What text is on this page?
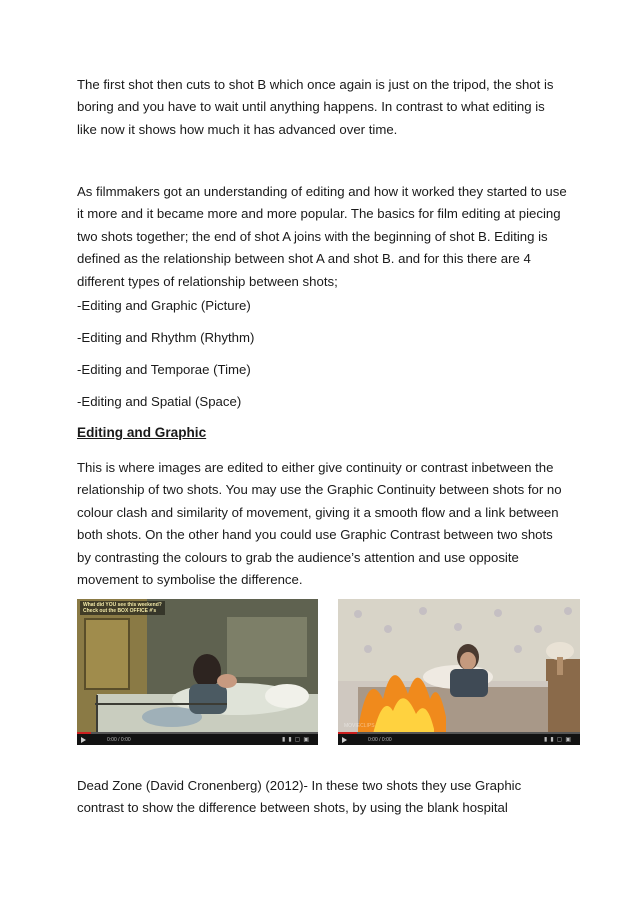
The first shot then cuts to shot B which once again is just on the tripod, the shot is boring and you have to wait until anything happens. In contrast to what editing is like now it shows how much it has advanced over time.

As filmmakers got an understanding of editing and how it worked they started to use it more and it became more and more popular. The basics for film editing at piecing two shots together; the end of shot A joins with the beginning of shot B. Editing is defined as the relationship between shot A and shot B. and for this there are 4 different types of relationship between shots;

-Editing and Graphic (Picture)

-Editing and Rhythm (Rhythm)

-Editing and Temporae (Time)

-Editing and Spatial (Space)

Editing and Graphic

This is where images are edited to either give continuity or contrast inbetween the relationship of two shots. You may use the Graphic Continuity between shots for no colour clash and similarity of movement, giving it a smooth flow and a link between both shots. On the other hand you could use Graphic Contrast between two shots by contrasting the colours to grab the audience’s attention and use opposite movement to symbolise the difference.

What did YOU see this weekend?
Check out the BOX OFFICE #'s
0:00 / 0:00	▮▮▢▣
MOVIECLIPS
0:00 / 0:00	▮▮▢▣

Dead Zone (David Cronenberg) (2012)- In these two shots they use Graphic contrast to show the difference between shots, by using the blank hospital
